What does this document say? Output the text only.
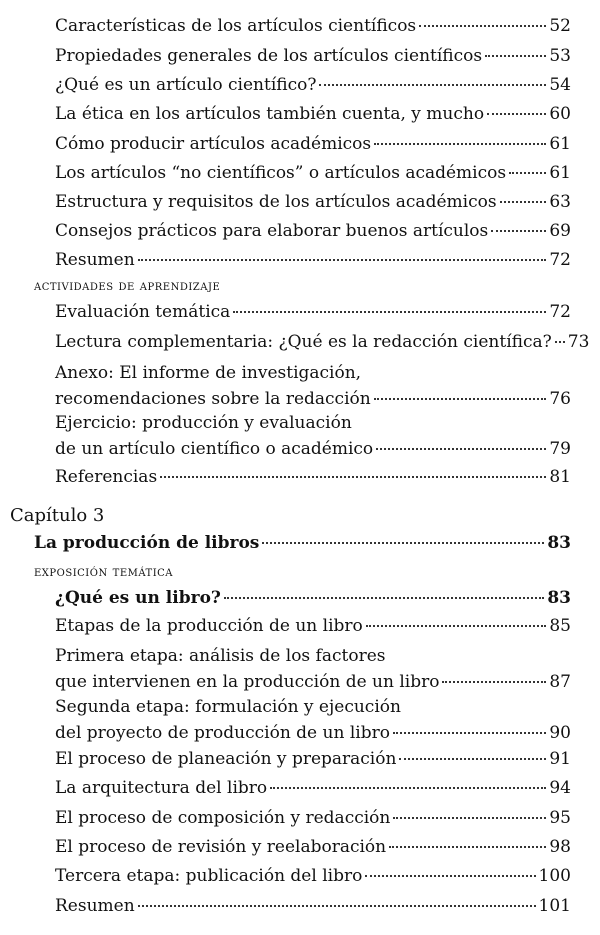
Características de los artículos científicos	52
Propiedades generales de los artículos científicos	53
¿Qué es un artículo científico?	54
La ética en los artículos también cuenta, y mucho	60
Cómo producir artículos académicos	61
Los artículos “no científicos” o artículos académicos	61
Estructura y requisitos de los artículos académicos	63
Consejos prácticos para elaborar buenos artículos	69
Resumen	72
actividades de aprendizaje
Evaluación temática	72
Lectura complementaria: ¿Qué es la redacción científica? 73
Anexo: El informe de investigación,
recomendaciones sobre la redacción	76
Ejercicio: producción y evaluación
de un artículo científico o académico	79
Referencias	81
Capítulo 3
La producción de libros	83
exposición temática
¿Qué es un libro?	83
Etapas de la producción de un libro	85
Primera etapa: análisis de los factores
que intervienen en la producción de un libro	87
Segunda etapa: formulación y ejecución
del proyecto de producción de un libro	90
El proceso de planeación y preparación	91
La arquitectura del libro	94
El proceso de composición y redacción	95
El proceso de revisión y reelaboración	98
Tercera etapa: publicación del libro	100
Resumen	101
